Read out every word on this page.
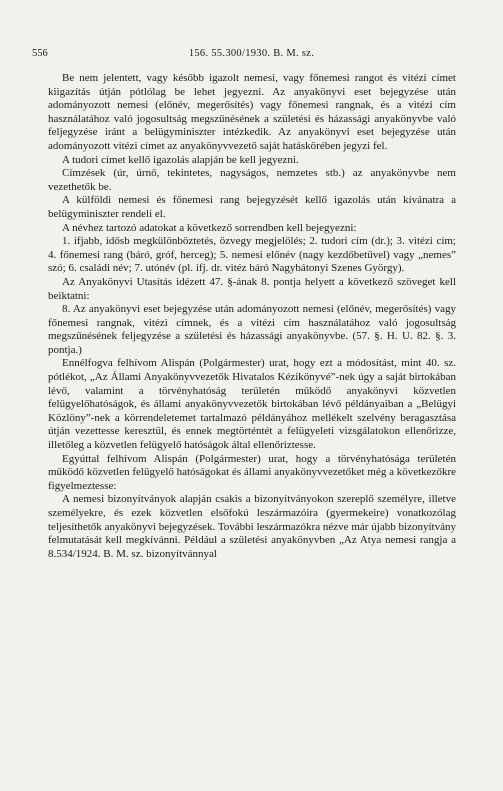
556	156. 55.300/1930. B. M. sz.

Be nem jelentett, vagy később igazolt nemesi, vagy főnemesi rangot és vitézi címet kiigazítás útján pótlólag be lehet jegyezni. Az anyakönyvi eset bejegyzése után adományozott nemesi (előnév, megerősítés) vagy főnemesi rangnak, és a vitézi cím használatához való jogosultság megszűnésének a születési és házassági anyakönyvbe való feljegyzése iránt a belügyminiszter intézkedik. Az anyakönyvi eset bejegyzése után adományozott vitézi címet az anyakönyvvezető saját hatáskörében jegyzi fel.

A tudori címet kellő igazolás alapján be kell jegyezni.

Címzések (úr, úrnő, tekintetes, nagyságos, nemzetes stb.) az anyakönyvbe nem vezethetők be.

A külföldi nemesi és főnemesi rang bejegyzését kellő igazolás után kívánatra a belügyminiszter rendeli el.

A névhez tartozó adatokat a következő sorrendben kell bejegyezni:

1. ifjabb, idősb megkülönböztetés, özvegy megjelölés; 2. tudori cím (dr.); 3. vitézi cím; 4. főnemesi rang (báró, gróf, herceg); 5. nemesi előnév (nagy kezdőbetűvel) vagy „nemes” szó; 6. családi név; 7. utónév (pl. ifj. dr. vitéz báró Nagybátonyi Szenes György).

Az Anyakönyvi Utasítás idézett 47. §-ának 8. pontja helyett a következő szöveget kell beiktatni:

8. Az anyakönyvi eset bejegyzése után adományozott nemesi (előnév, megerősítés) vagy főnemesi rangnak, vitézi címnek, és a vitézi cím használatához való jogosultság megszűnésének feljegyzése a születési és házassági anyakönyvbe. (57. §. H. U. 82. §. 3. pontja.)

Ennélfogva felhívom Alispán (Polgármester) urat, hogy ezt a módosítást, mint 40. sz. pótlékot, „Az Állami Anyakönyvvezetők Hivatalos Kézikönyvé”-nek úgy a saját birtokában lévő, valamint a törvényhatóság területén működő anyakönyvi közvetlen felügyelőhatóságok, és állami anyakönyvvezetők birtokában lévő példányaiban a „Belügyi Közlöny”-nek a körrendeletemet tartalmazó példányához mellékelt szelvény beragasztása útján vezettesse keresztül, és ennek megtörténtét a felügyeleti vizsgálatokon ellenőrizze, illetőleg a közvetlen felügyelő hatóságok által ellenőriztesse.

Egyúttal felhívom Alispán (Polgármester) urat, hogy a törvényhatósága területén működő közvetlen felügyelő hatóságokat és állami anyakönyvvezetőket még a következőkre figyelmeztesse:

A nemesi bizonyítványok alapján csakis a bizonyítványokon szereplő személyre, illetve személyekre, és ezek közvetlen elsőfokú leszármazóira (gyermekeire) vonatkozólag teljesíthetők anyakönyvi bejegyzések. További leszármazókra nézve már újabb bizonyítvány felmutatását kell megkívánni. Például a születési anyakönyvben „Az Atya nemesi rangja a 8.534/1924. B. M. sz. bizonyítvánnyal
